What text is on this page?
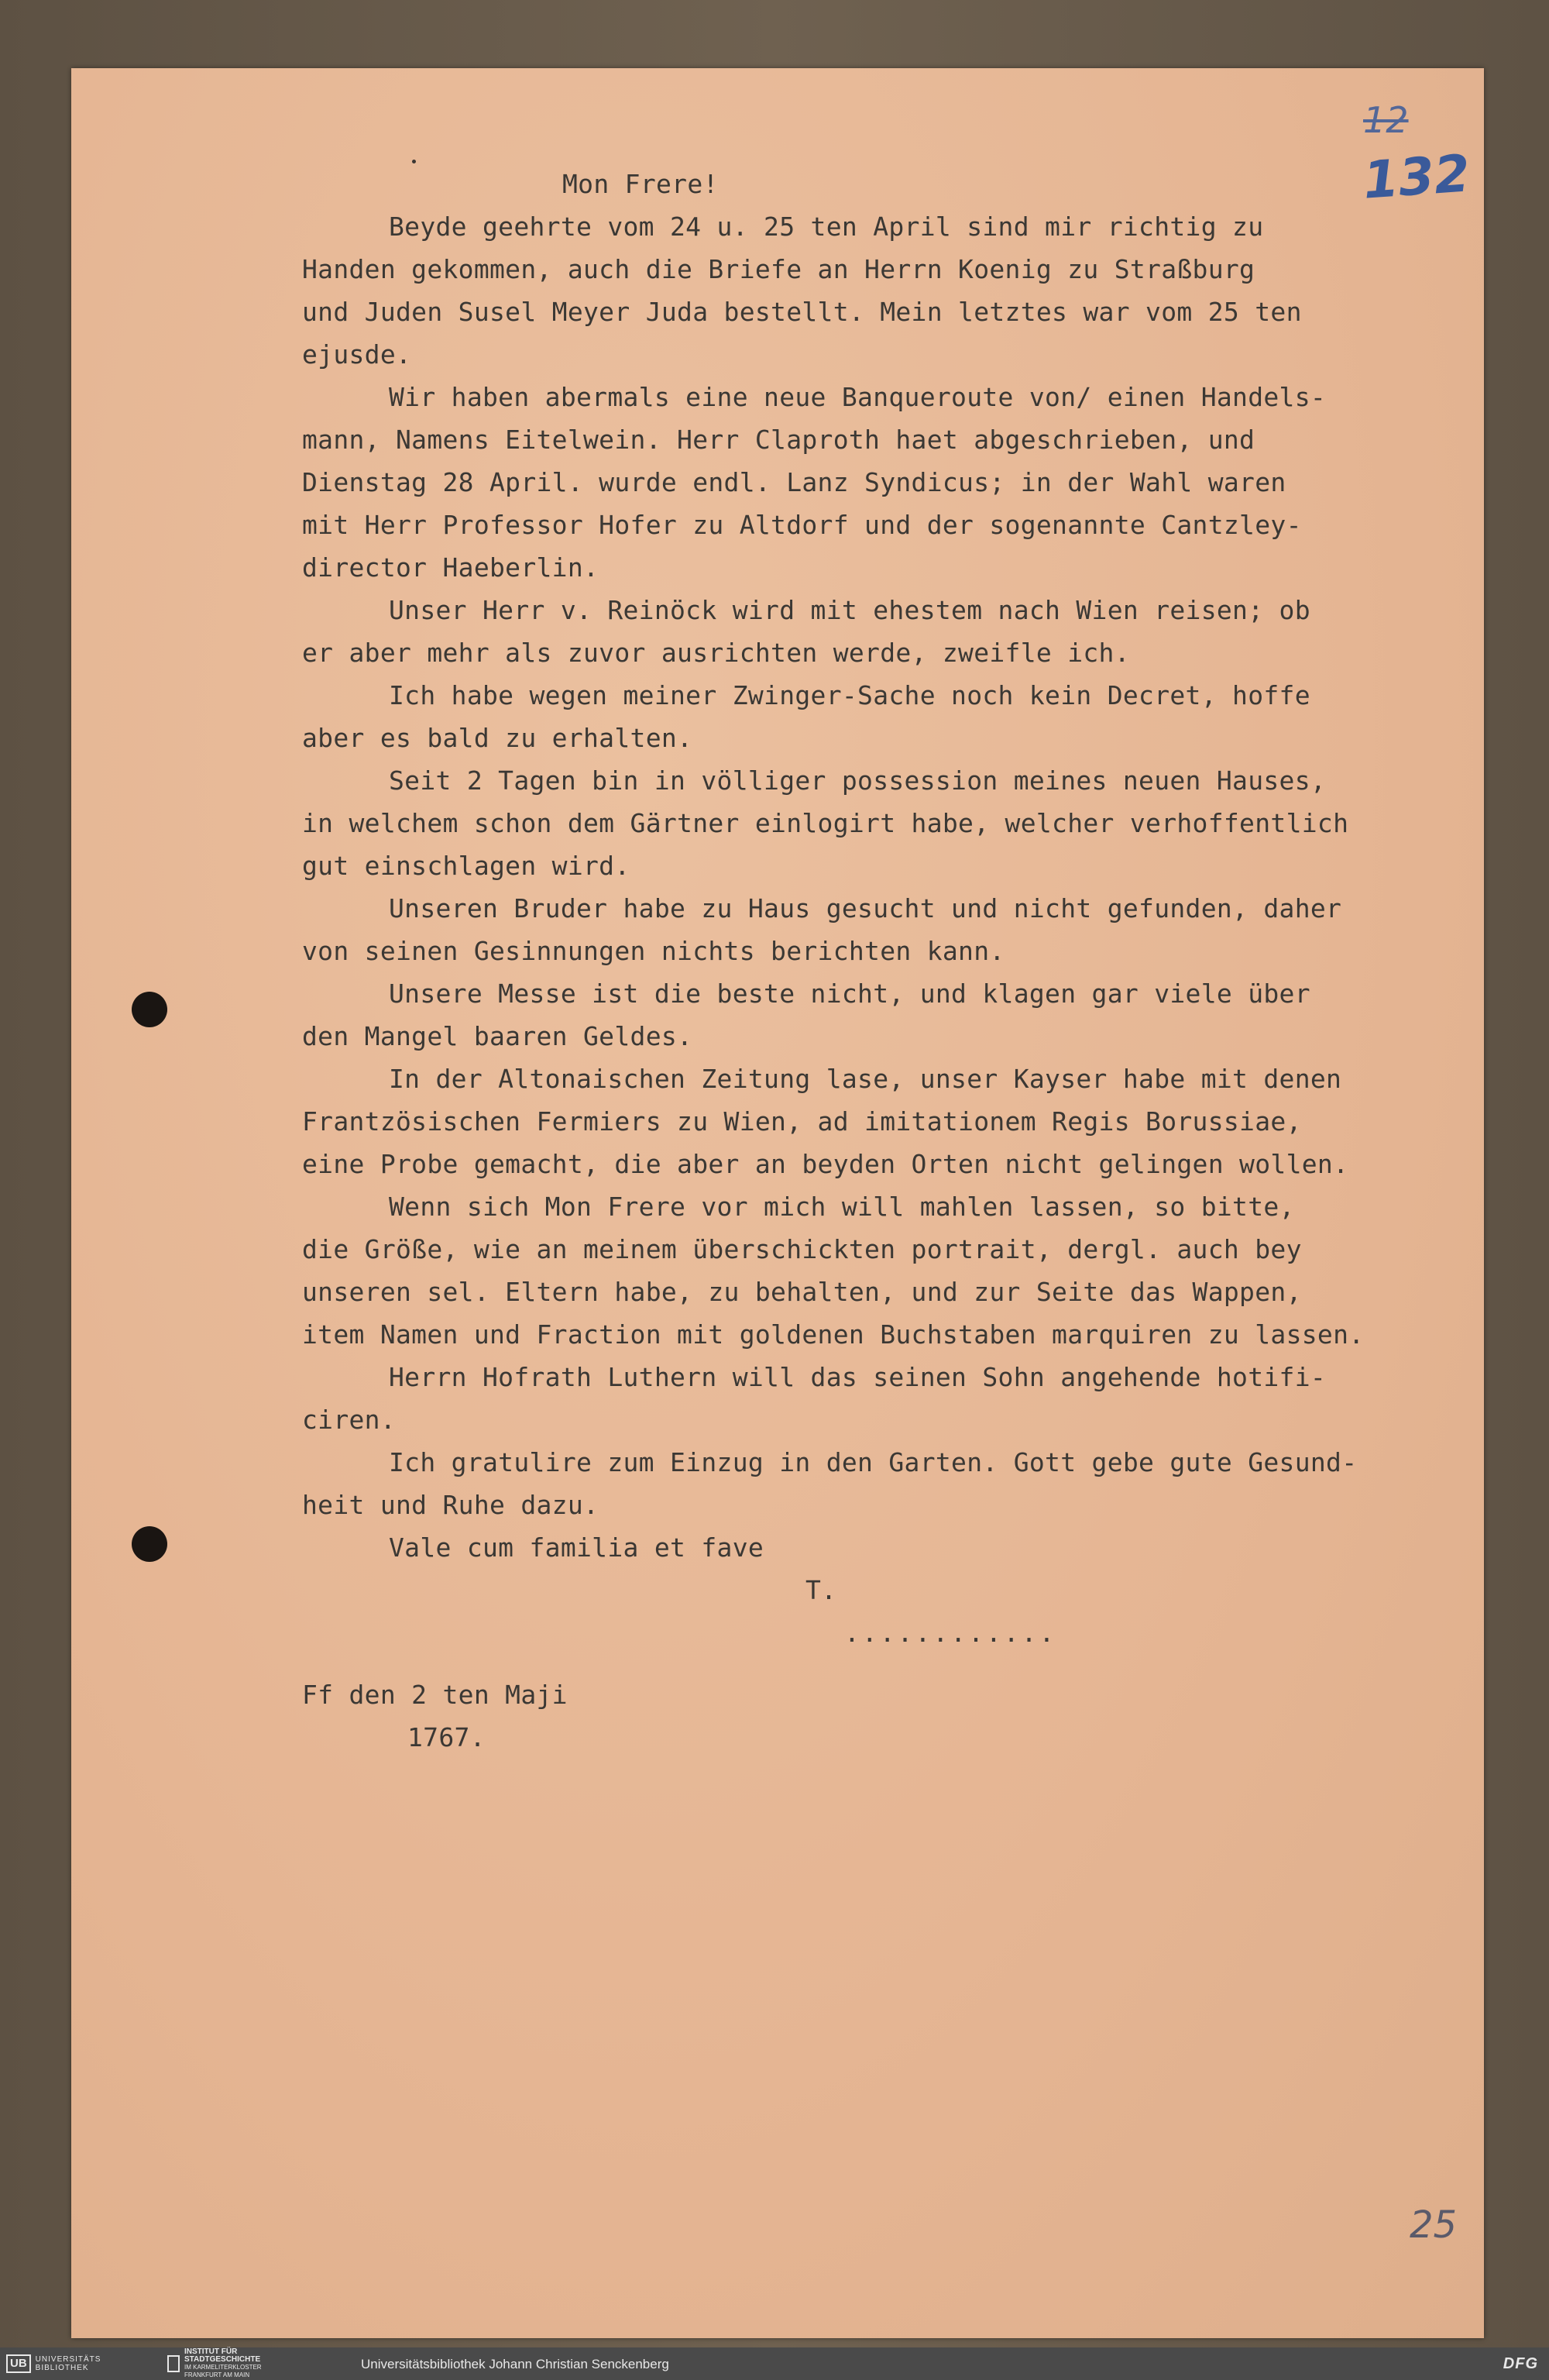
12
132
25
Mon Frere!
Beyde geehrte vom 24 u. 25 ten April sind mir richtig zu
Handen gekommen, auch die Briefe an Herrn Koenig zu Straßburg
und Juden Susel Meyer Juda bestellt. Mein letztes war vom 25 ten
ejusde.
Wir haben abermals eine neue Banqueroute von/ einen Handels-
mann, Namens Eitelwein. Herr Claproth haet abgeschrieben, und
Dienstag 28 April. wurde endl. Lanz Syndicus; in der Wahl waren
mit Herr Professor Hofer zu Altdorf und der sogenannte Cantzley-
director Haeberlin.
Unser Herr v. Reinöck wird mit ehestem nach Wien reisen; ob
er aber mehr als zuvor ausrichten werde, zweifle ich.
Ich habe wegen meiner Zwinger-Sache noch kein Decret, hoffe
aber es bald zu erhalten.
Seit 2 Tagen bin in völliger possession meines neuen Hauses,
in welchem schon dem Gärtner einlogirt habe, welcher verhoffentlich
gut einschlagen wird.
Unseren Bruder habe zu Haus gesucht und nicht gefunden, daher
von seinen Gesinnungen nichts berichten kann.
Unsere Messe ist die beste nicht, und klagen gar viele über
den Mangel baaren Geldes.
In der Altonaischen Zeitung lase, unser Kayser habe mit denen
Frantzösischen Fermiers zu Wien, ad imitationem Regis Borussiae,
eine Probe gemacht, die aber an beyden Orten nicht gelingen wollen.
Wenn sich Mon Frere vor mich will mahlen lassen, so bitte,
die Größe, wie an meinem überschickten portrait, dergl. auch bey
unseren sel. Eltern habe, zu behalten, und zur Seite das Wappen,
item Namen und Fraction mit goldenen Buchstaben marquiren zu lassen.
Herrn Hofrath Luthern will das seinen Sohn angehende hotifi-
ciren.
Ich gratulire zum Einzug in den Garten. Gott gebe gute Gesund-
heit und Ruhe dazu.
Vale cum familia et fave
T.
............
Ff den 2 ten Maji
1767.
UB	UNIVERSITÄTS
BIBLIOTHEK
INSTITUT FÜR
STADTGESCHICHTE
IM KARMELITERKLOSTER
FRANKFURT AM MAIN
Universitätsbibliothek Johann Christian Senckenberg	DFG
